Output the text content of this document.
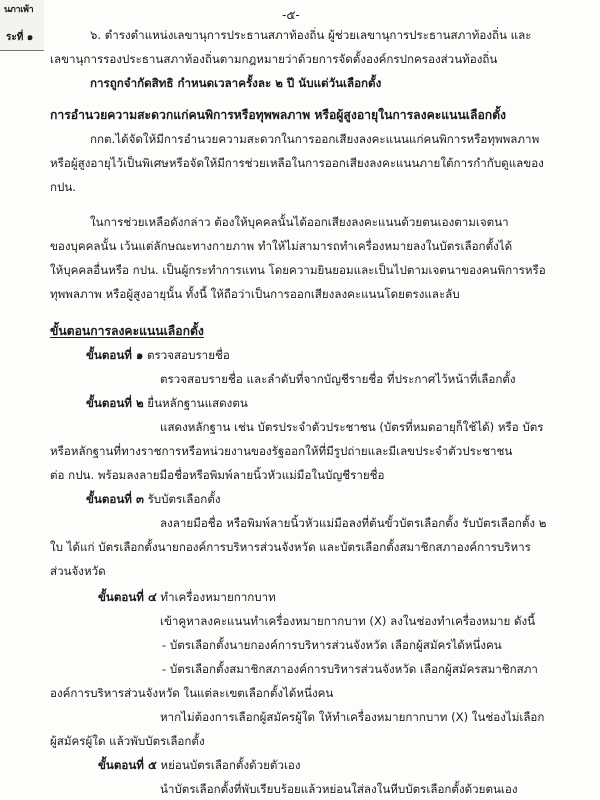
นภาเพ้า
ระที่ ๑
-๕-
๖. ตำรงตำแหน่งเลขานุการประธานสภาท้องถิ่น ผู้ช่วยเลขานุการประธานสภาท้องถิ่น และ
เลขานุการรองประธานสภาท้องถิ่นตามกฎหมายว่าด้วยการจัดตั้งองค์กรปกครองส่วนท้องถิ่น
การถูกจำกัดสิทธิ กำหนดเวลาครั้งละ ๒ ปี นับแต่วันเลือกตั้ง
การอำนวยความสะดวกแก่คนพิการหรือทุพพลภาพ หรือผู้สูงอายุในการลงคะแนนเลือกตั้ง
กกต.ได้จัดให้มีการอำนวยความสะดวกในการออกเสียงลงคะแนนแก่คนพิการหรือทุพพลภาพ
หรือผู้สูงอายุไว้เป็นพิเศษหรือจัดให้มีการช่วยเหลือในการออกเสียงลงคะแนนภายใต้การกำกับดูแลของ
กปน.
ในการช่วยเหลือดังกล่าว ต้องให้บุคคลนั้นได้ออกเสียงลงคะแนนด้วยตนเองตามเจตนา
ของบุคคลนั้น เว้นแต่ลักษณะทางกายภาพ ทำให้ไม่สามารถทำเครื่องหมายลงในบัตรเลือกตั้งได้
ให้บุคคลอื่นหรือ กปน. เป็นผู้กระทำการแทน โดยความยินยอมและเป็นไปตามเจตนาของคนพิการหรือ
ทุพพลภาพ หรือผู้สูงอายุนั้น ทั้งนี้ ให้ถือว่าเป็นการออกเสียงลงคะแนนโดยตรงและลับ
ขั้นตอนการลงคะแนนเลือกตั้ง
ขั้นตอนที่ ๑ ตรวจสอบรายชื่อ
ตรวจสอบรายชื่อ และลำดับที่จากบัญชีรายชื่อ ที่ประกาศไว้หน้าที่เลือกตั้ง
ขั้นตอนที่ ๒ ยื่นหลักฐานแสดงตน
แสดงหลักฐาน เช่น บัตรประจำตัวประชาชน (บัตรที่หมดอายุก็ใช้ได้) หรือ บัตร
หรือหลักฐานที่ทางราชการหรือหน่วยงานของรัฐออกให้ที่มีรูปถ่ายและมีเลขประจำตัวประชาชน
ต่อ กปน. พร้อมลงลายมือชื่อหรือพิมพ์ลายนิ้วหัวแม่มือในบัญชีรายชื่อ
ขั้นตอนที่ ๓ รับบัตรเลือกตั้ง
ลงลายมือชื่อ หรือพิมพ์ลายนิ้วหัวแม่มือลงที่ต้นขั้วบัตรเลือกตั้ง รับบัตรเลือกตั้ง ๒
ใบ ได้แก่ บัตรเลือกตั้งนายกองค์การบริหารส่วนจังหวัด และบัตรเลือกตั้งสมาชิกสภาองค์การบริหาร
ส่วนจังหวัด
ขั้นตอนที่ ๔ ทำเครื่องหมายกากบาท
เข้าคูหาลงคะแนนทำเครื่องหมายกากบาท (X) ลงในช่องทำเครื่องหมาย ดังนี้
- บัตรเลือกตั้งนายกองค์การบริหารส่วนจังหวัด เลือกผู้สมัครได้หนึ่งคน
- บัตรเลือกตั้งสมาชิกสภาองค์การบริหารส่วนจังหวัด เลือกผู้สมัครสมาชิกสภา
องค์การบริหารส่วนจังหวัด ในแต่ละเขตเลือกตั้งได้หนึ่งคน
หากไม่ต้องการเลือกผู้สมัครผู้ใด ให้ทำเครื่องหมายกากบาท (X) ในช่องไม่เลือก
ผู้สมัครผู้ใด แล้วพับบัตรเลือกตั้ง
ขั้นตอนที่ ๕ หย่อนบัตรเลือกตั้งด้วยตัวเอง
นำบัตรเลือกตั้งที่พับเรียบร้อยแล้วหย่อนใส่ลงในหีบบัตรเลือกตั้งด้วยตนเอง
